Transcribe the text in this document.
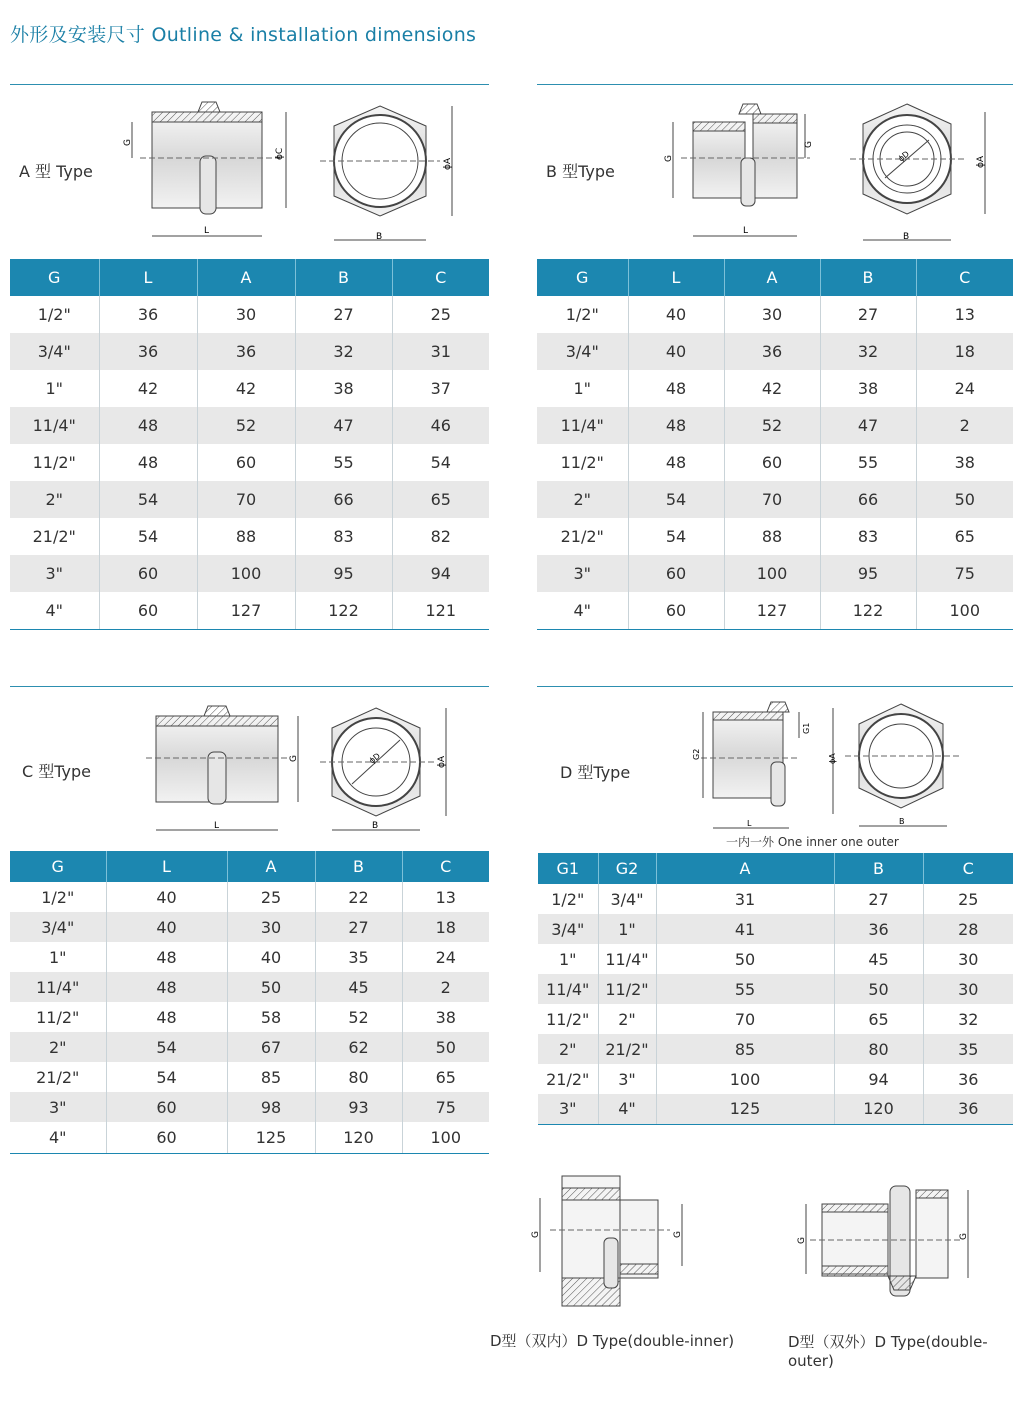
外形及安装尺寸 Outline & installation dimensions
A 型 Type
G
ϕC
L
ϕA
B
G	L	A	B	C
1/2"	36	30	27	25
3/4"	36	36	32	31
1"	42	42	38	37
11/4"	48	52	47	46
11/2"	48	60	55	54
2"	54	70	66	65
21/2"	54	88	83	82
3"	60	100	95	94
4"	60	127	122	121
B 型Type
G
G
L
ϕD	ϕA
B
G	L	A	B	C
1/2"	40	30	27	13
3/4"	40	36	32	18
1"	48	42	38	24
11/4"	48	52	47	2
11/2"	48	60	55	38
2"	54	70	66	50
21/2"	54	88	83	65
3"	60	100	95	75
4"	60	127	122	100
C 型Type
G
L
ϕD	ϕA
B
G	L	A	B	C
1/2"	40	25	22	13
3/4"	40	30	27	18
1"	48	40	35	24
11/4"	48	50	45	2
11/2"	48	58	52	38
2"	54	67	62	50
21/2"	54	85	80	65
3"	60	98	93	75
4"	60	125	120	100
D 型Type
G2
G1
L
ϕA
B
一内一外 One inner one outer
G1	G2	A	B	C
1/2"	3/4"	31	27	25
3/4"	1"	41	36	28
1"	11/4"	50	45	30
11/4"	11/2"	55	50	30
11/2"	2"	70	65	32
2"	21/2"	85	80	35
21/2"	3"	100	94	36
3"	4"	125	120	36
G	G
D型（双内）D Type(double-inner)
G
G
D型（双外）D Type(double-outer)
